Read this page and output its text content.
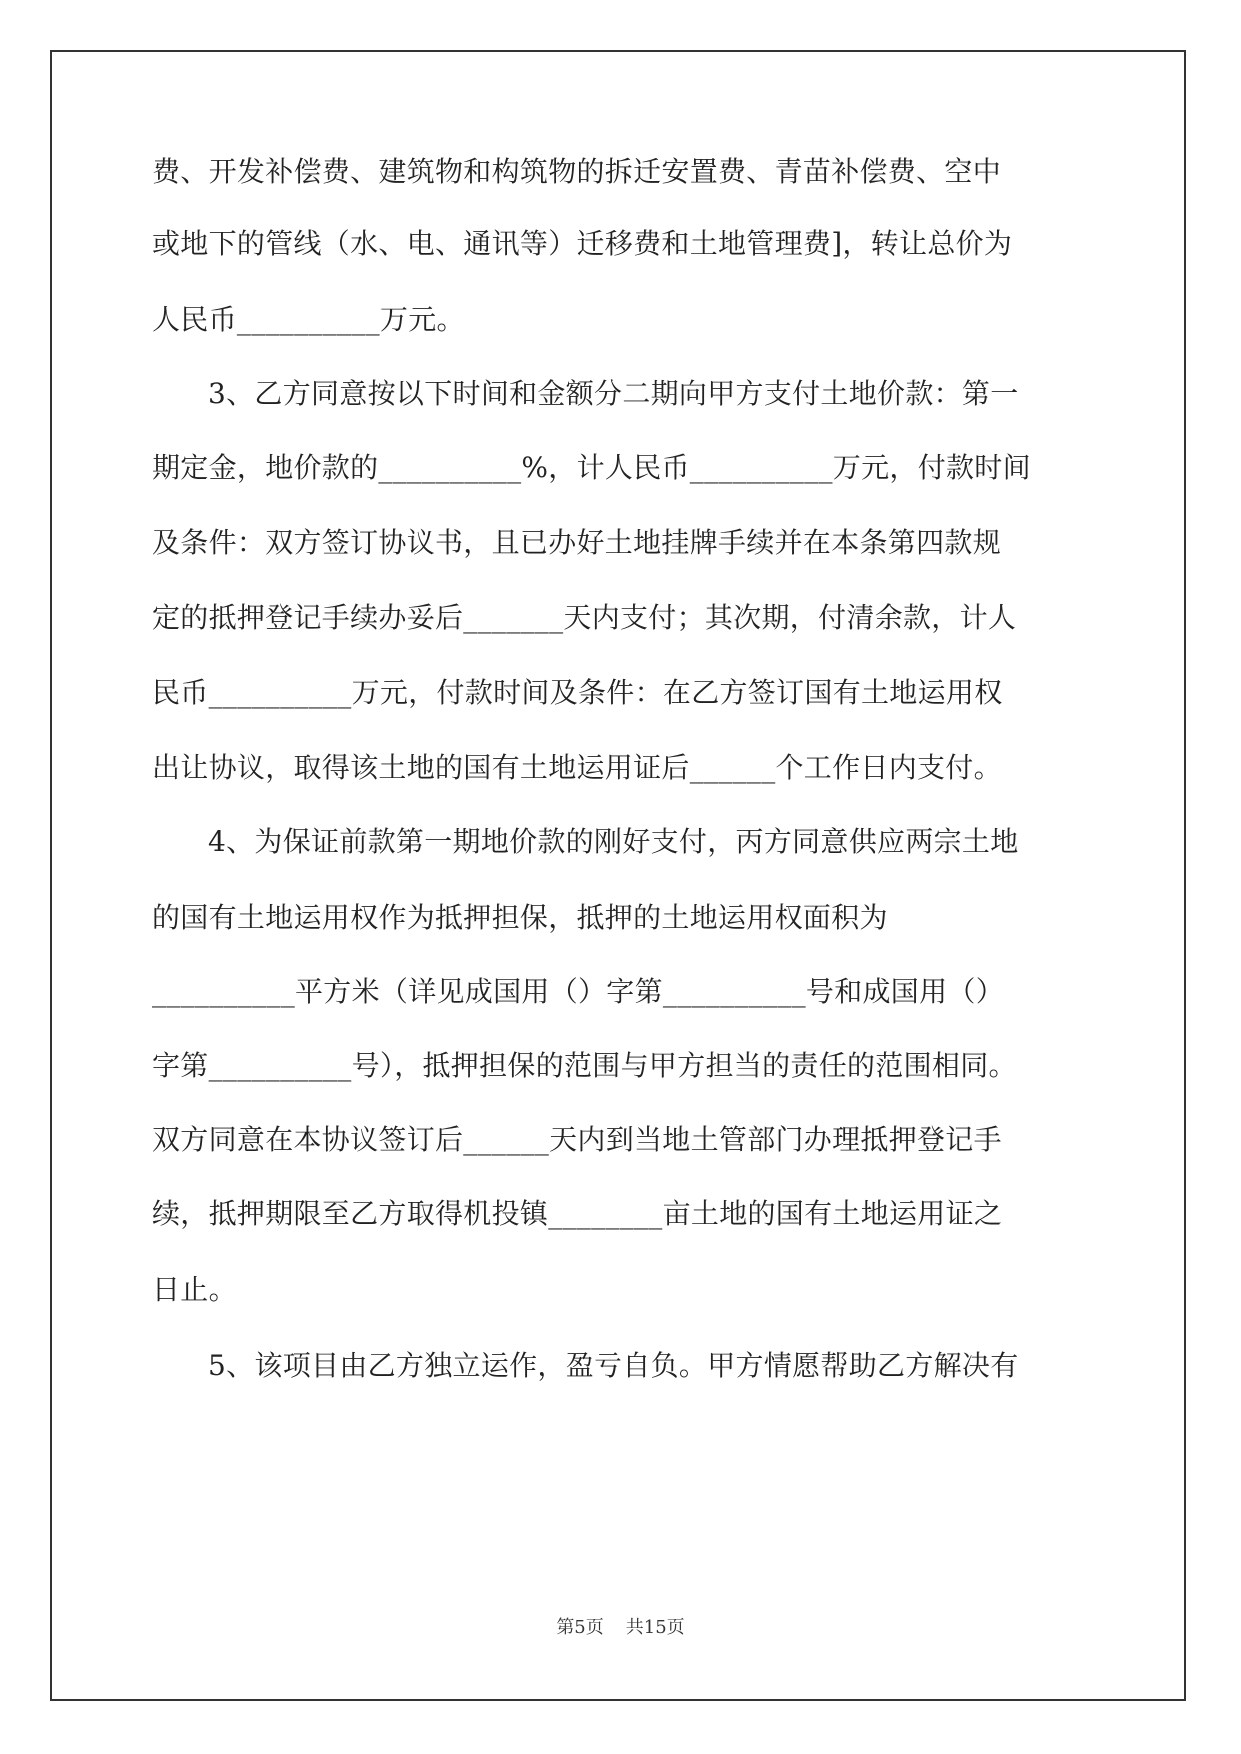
费、开发补偿费、建筑物和构筑物的拆迁安置费、青苗补偿费、空中
或地下的管线（水、电、通讯等）迁移费和土地管理费]，转让总价为
人民币__________万元。
3、乙方同意按以下时间和金额分二期向甲方支付土地价款：第一
期定金，地价款的__________%，计人民币__________万元，付款时间
及条件：双方签订协议书，且已办好土地挂牌手续并在本条第四款规
定的抵押登记手续办妥后_______天内支付；其次期，付清余款，计人
民币__________万元，付款时间及条件：在乙方签订国有土地运用权
出让协议，取得该土地的国有土地运用证后______个工作日内支付。
4、为保证前款第一期地价款的刚好支付，丙方同意供应两宗土地
的国有土地运用权作为抵押担保，抵押的土地运用权面积为
__________平方米（详见成国用（）字第__________号和成国用（）
字第__________号），抵押担保的范围与甲方担当的责任的范围相同。
双方同意在本协议签订后______天内到当地土管部门办理抵押登记手
续，抵押期限至乙方取得机投镇________亩土地的国有土地运用证之
日止。
5、该项目由乙方独立运作，盈亏自负。甲方情愿帮助乙方解决有
第5页 共15页
